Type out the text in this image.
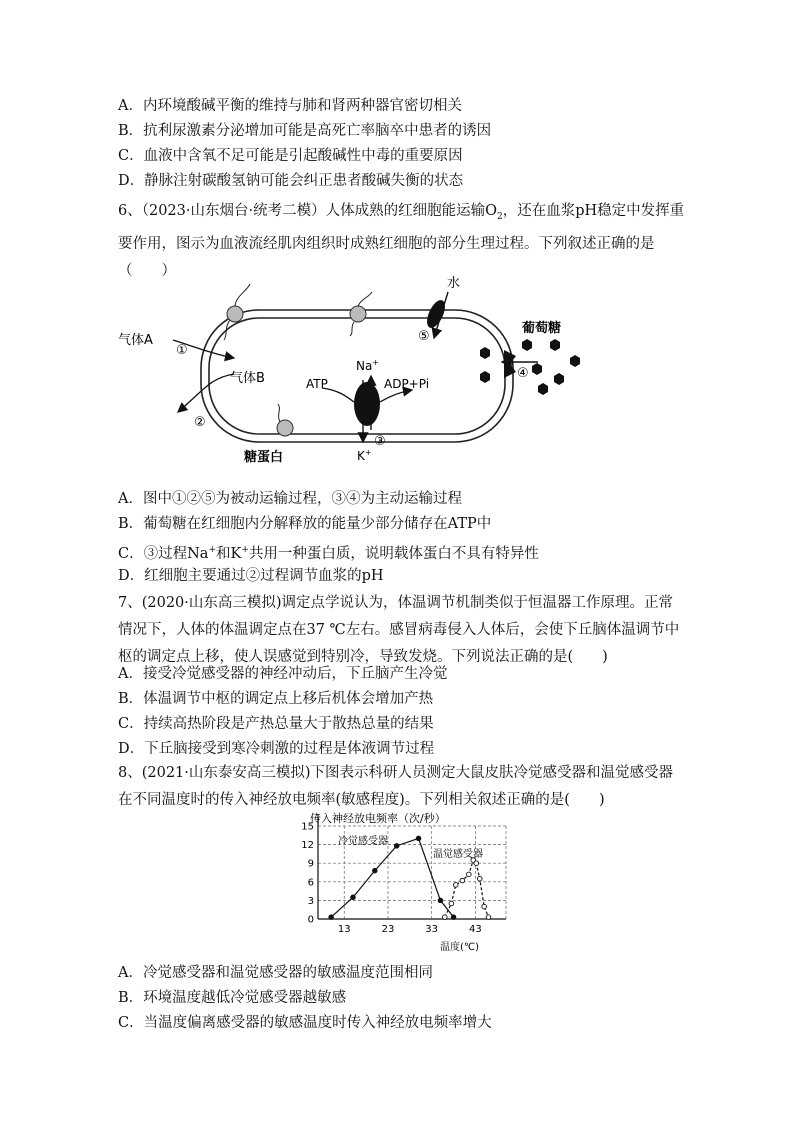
A．内环境酸碱平衡的维持与肺和肾两种器官密切相关
B．抗利尿激素分泌增加可能是高死亡率脑卒中患者的诱因
C．血液中含氧不足可能是引起酸碱性中毒的重要原因
D．静脉注射碳酸氢钠可能会纠正患者酸碱失衡的状态
6、（2023·山东烟台·统考二模）人体成熟的红细胞能运输$O_2$，还在血浆pH稳定中发挥重要作用，图示为血液流经肌肉组织时成熟红细胞的部分生理过程。下列叙述正确的是（　　）
气体A
①
气体B
②
⑤
水
葡萄糖
④
Na+
K+
ATP	ADP+Pi
③
糖蛋白
A．图中①②⑤为被动运输过程，③④为主动运输过程
B．葡萄糖在红细胞内分解释放的能量少部分储存在ATP中
C．③过程Na+和K+共用一种蛋白质，说明载体蛋白不具有特异性
D．红细胞主要通过②过程调节血浆的pH
7、(2020·山东高三模拟)调定点学说认为，体温调节机制类似于恒温器工作原理。正常情况下，人体的体温调定点在37 ℃左右。感冒病毒侵入人体后，会使下丘脑体温调节中枢的调定点上移，使人误感觉到特别冷，导致发烧。下列说法正确的是(　　)
A．接受冷觉感受器的神经冲动后，下丘脑产生冷觉
B．体温调节中枢的调定点上移后机体会增加产热
C．持续高热阶段是产热总量大于散热总量的结果
D．下丘脑接受到寒冷刺激的过程是体液调节过程
8、(2021·山东泰安高三模拟)下图表示科研人员测定大鼠皮肤冷觉感受器和温觉感受器在不同温度时的传入神经放电频率(敏感程度)。下列相关叙述正确的是(　　)
0
3
6
9
12
15
13	23	33	43
传入神经放电频率（次/秒）
温度(℃)
冷觉感受器
温觉感受器
A．冷觉感受器和温觉感受器的敏感温度范围相同
B．环境温度越低冷觉感受器越敏感
C．当温度偏离感受器的敏感温度时传入神经放电频率增大
